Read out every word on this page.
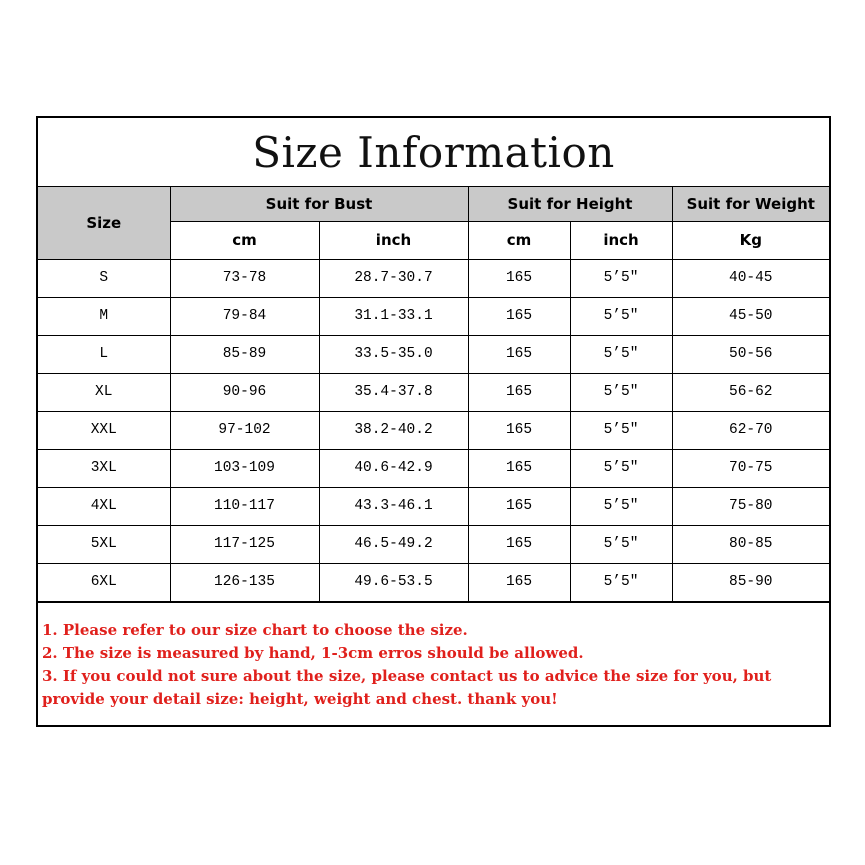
Size Information
Size	Suit for Bust		Suit for Height		Suit for Weight
	cm	inch	cm	inch	Kg
S	73-78	28.7-30.7	165	5’5″	40-45
M	79-84	31.1-33.1	165	5’5″	45-50
L	85-89	33.5-35.0	165	5’5″	50-56
XL	90-96	35.4-37.8	165	5’5″	56-62
XXL	97-102	38.2-40.2	165	5’5″	62-70
3XL	103-109	40.6-42.9	165	5’5″	70-75
4XL	110-117	43.3-46.1	165	5’5″	75-80
5XL	117-125	46.5-49.2	165	5’5″	80-85
6XL	126-135	49.6-53.5	165	5’5″	85-90

1. Please refer to our size chart to choose the size.

2. The size is measured by hand, 1-3cm erros should be allowed.

3. If you could not sure about the size, please contact us to advice the size for you, but provide your detail size: height, weight and chest. thank you!
